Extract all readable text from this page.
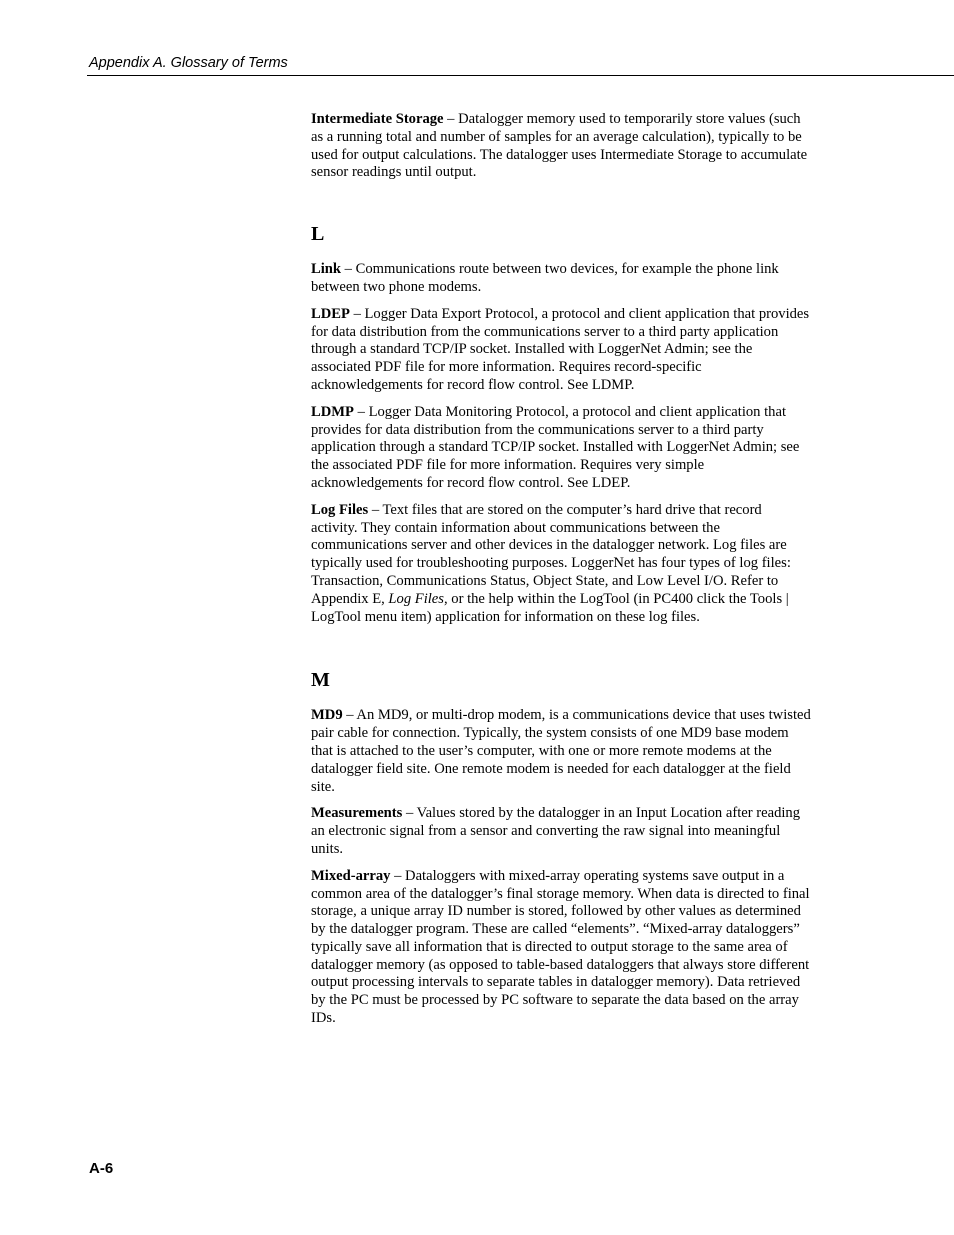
Appendix A. Glossary of Terms

Intermediate Storage – Datalogger memory used to temporarily store values (such as a running total and number of samples for an average calculation), typically to be used for output calculations. The datalogger uses Intermediate Storage to accumulate sensor readings until output.

L

Link – Communications route between two devices, for example the phone link between two phone modems.

LDEP – Logger Data Export Protocol, a protocol and client application that provides for data distribution from the communications server to a third party application through a standard TCP/IP socket. Installed with LoggerNet Admin; see the associated PDF file for more information. Requires record-specific acknowledgements for record flow control. See LDMP.

LDMP – Logger Data Monitoring Protocol, a protocol and client application that provides for data distribution from the communications server to a third party application through a standard TCP/IP socket. Installed with LoggerNet Admin; see the associated PDF file for more information. Requires very simple acknowledgements for record flow control. See LDEP.

Log Files – Text files that are stored on the computer’s hard drive that record activity. They contain information about communications between the communications server and other devices in the datalogger network. Log files are typically used for troubleshooting purposes. LoggerNet has four types of log files: Transaction, Communications Status, Object State, and Low Level I/O. Refer to Appendix E, Log Files, or the help within the LogTool (in PC400 click the Tools | LogTool menu item) application for information on these log files.

M

MD9 – An MD9, or multi-drop modem, is a communications device that uses twisted pair cable for connection. Typically, the system consists of one MD9 base modem that is attached to the user’s computer, with one or more remote modems at the datalogger field site. One remote modem is needed for each datalogger at the field site.

Measurements – Values stored by the datalogger in an Input Location after reading an electronic signal from a sensor and converting the raw signal into meaningful units.

Mixed-array – Dataloggers with mixed-array operating systems save output in a common area of the datalogger’s final storage memory. When data is directed to final storage, a unique array ID number is stored, followed by other values as determined by the datalogger program. These are called “elements”. “Mixed-array dataloggers” typically save all information that is directed to output storage to the same area of datalogger memory (as opposed to table-based dataloggers that always store different output processing intervals to separate tables in datalogger memory). Data retrieved by the PC must be processed by PC software to separate the data based on the array IDs.

A-6
